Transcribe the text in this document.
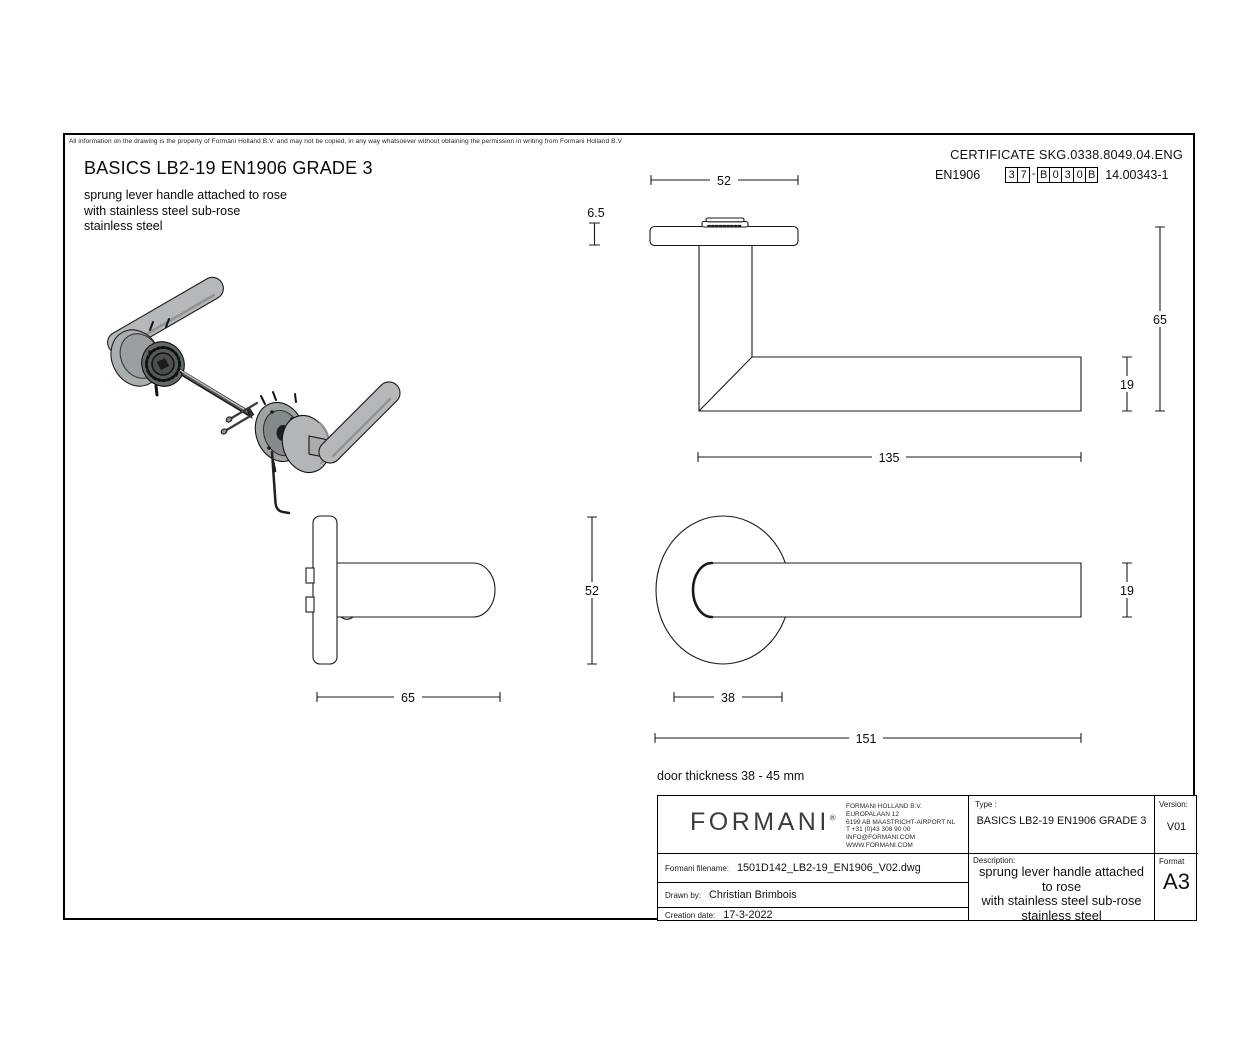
All information on the drawing is the property of Formani Holland B.V. and may not be copied, in any way whatsoever without obtaining the permission in writing from Formani Holland B.V
BASICS LB2-19 EN1906 GRADE 3
sprung lever handle attached to rose
with stainless steel sub-rose
stainless steel
CERTIFICATE SKG.0338.8049.04.ENG
EN1906	3 7 - B 0 3 0 B 14.00343-1
52
6.5
135
19
65
52	19
38
151
65
door thickness 38 - 45 mm
FORMANI®
FORMANI HOLLAND B.V.
EUROPALAAN 12
6199 AB MAASTRICHT-AIRPORT NL
T +31 (0)43 308 90 00
INFO@FORMANI.COM
WWW.FORMANI.COM
Formani filename: 1501D142_LB2-19_EN1906_V02.dwg
Drawn by: Christian Brimbois
Creation date: 17-3-2022
Type :
BASICS LB2-19 EN1906 GRADE 3
Description:
sprung lever handle attached
to rose
with stainless steel sub-rose
stainless steel
Version:
V01
Format
A3
